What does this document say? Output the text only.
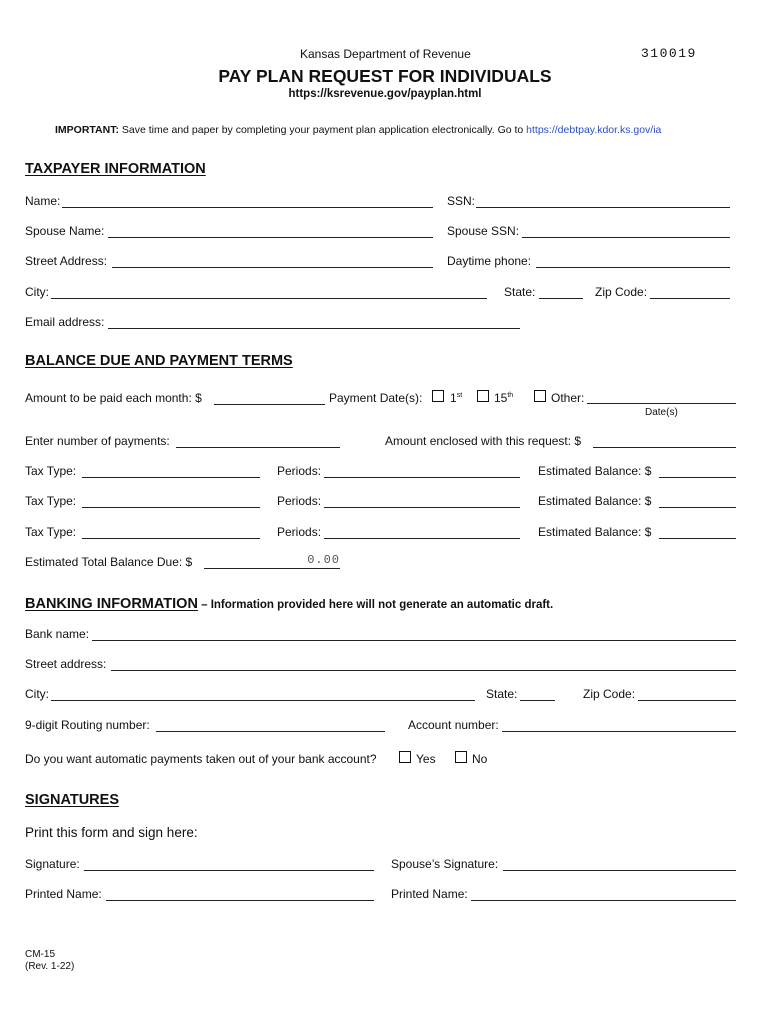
Kansas Department of Revenue	310019
PAY PLAN REQUEST FOR INDIVIDUALS
https://ksrevenue.gov/payplan.html
IMPORTANT: Save time and paper by completing your payment plan application electronically. Go to https://debtpay.kdor.ks.gov/ia
TAXPAYER INFORMATION
Name:	SSN:
Spouse Name:	Spouse SSN:
Street Address:	Daytime phone:
City:	State:	Zip Code:
Email address:
BALANCE DUE AND PAYMENT TERMS
Amount to be paid each month: $	Payment Date(s): 1st	15th	Other:
Date(s)
Enter number of payments:	Amount enclosed with this request: $
Tax Type:	Periods:	Estimated Balance: $
Tax Type:	Periods:	Estimated Balance: $
Tax Type:	Periods:	Estimated Balance: $
Estimated Total Balance Due: $
0.00
BANKING INFORMATION – Information provided here will not generate an automatic draft.
Bank name:
Street address:
City:	State:	Zip Code:
9-digit Routing number:	Account number:
Do you want automatic payments taken out of your bank account?	Yes	No
SIGNATURES
Print this form and sign here:
Signature:	Spouse’s Signature:
Printed Name:	Printed Name:
CM-15
(Rev. 1-22)
